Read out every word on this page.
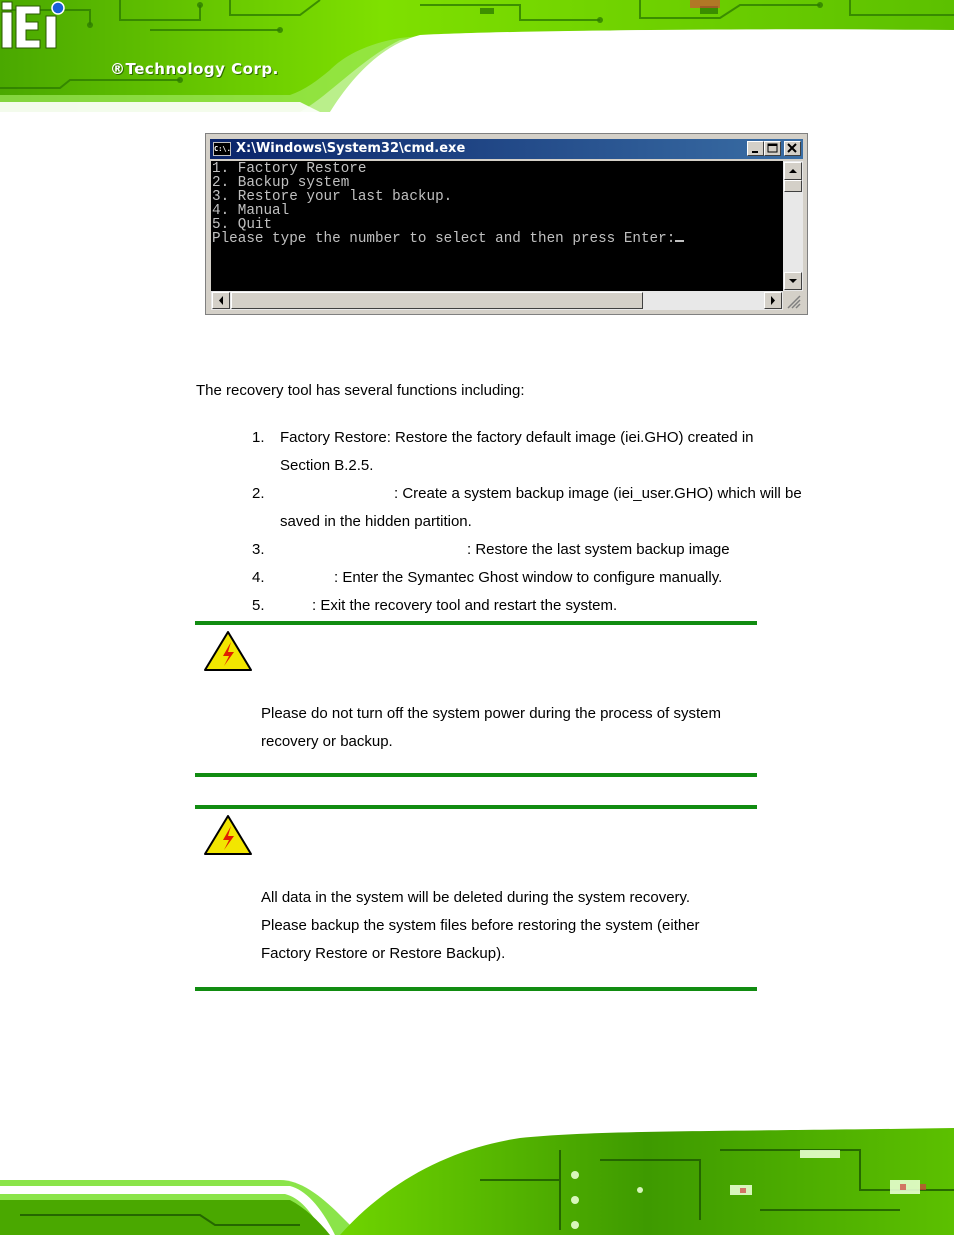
®Technology Corp.
C:\. X:\Windows\System32\cmd.exe
1. Factory Restore
2. Backup system
3. Restore your last backup.
4. Manual
5. Quit
Please type the number to select and then press Enter:
The recovery tool has several functions including:
1. Factory Restore: Restore the factory default image (iei.GHO) created in
Section B.2.5.
2.	: Create a system backup image (iei_user.GHO) which will be
saved in the hidden partition.
3.	: Restore the last system backup image
4.	: Enter the Symantec Ghost window to configure manually.
5.	: Exit the recovery tool and restart the system.
Please do not turn off the system power during the process of system
recovery or backup.
All data in the system will be deleted during the system recovery.
Please backup the system files before restoring the system (either
Factory Restore or Restore Backup).
